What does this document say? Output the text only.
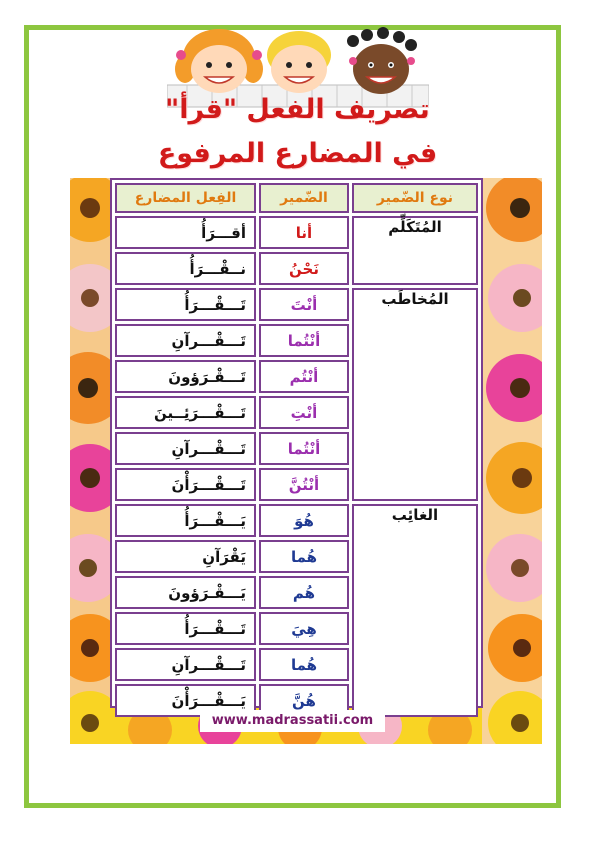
تصريف الفعل "قرأ"
في المضارع المرفوع
نوع الضّمير	الضّمير	الفِعل المضارع
المُتَكَلِّم	أنا	أقـــرَأُ
	نَحْنُ	نــقْـــرَأُ
المُخاطَب	أنْتَ	تَـــقْـــرَأُ
	أنْتُما	تَـــقْـــرآنِ
	أنْتُم	تَـــقْـرَؤونَ
	أنْتِ	تَـــقْـــرَئِــينَ
	أنْتُما	تَـــقْـــرآنِ
	أنْتُنَّ	تَـــقْـــرَأْنَ
الغائِب	هُوَ	يَـــقْـــرَأُ
	هُما	يَقْرَآنِ
	هُم	يَـــقْـرَؤونَ
	هِيَ	تَـــقْـــرَأُ
	هُما	تَـــقْـــرآنِ
	هُنَّ	يَـــقْـــرَأْنَ
www.madrassatii.com
